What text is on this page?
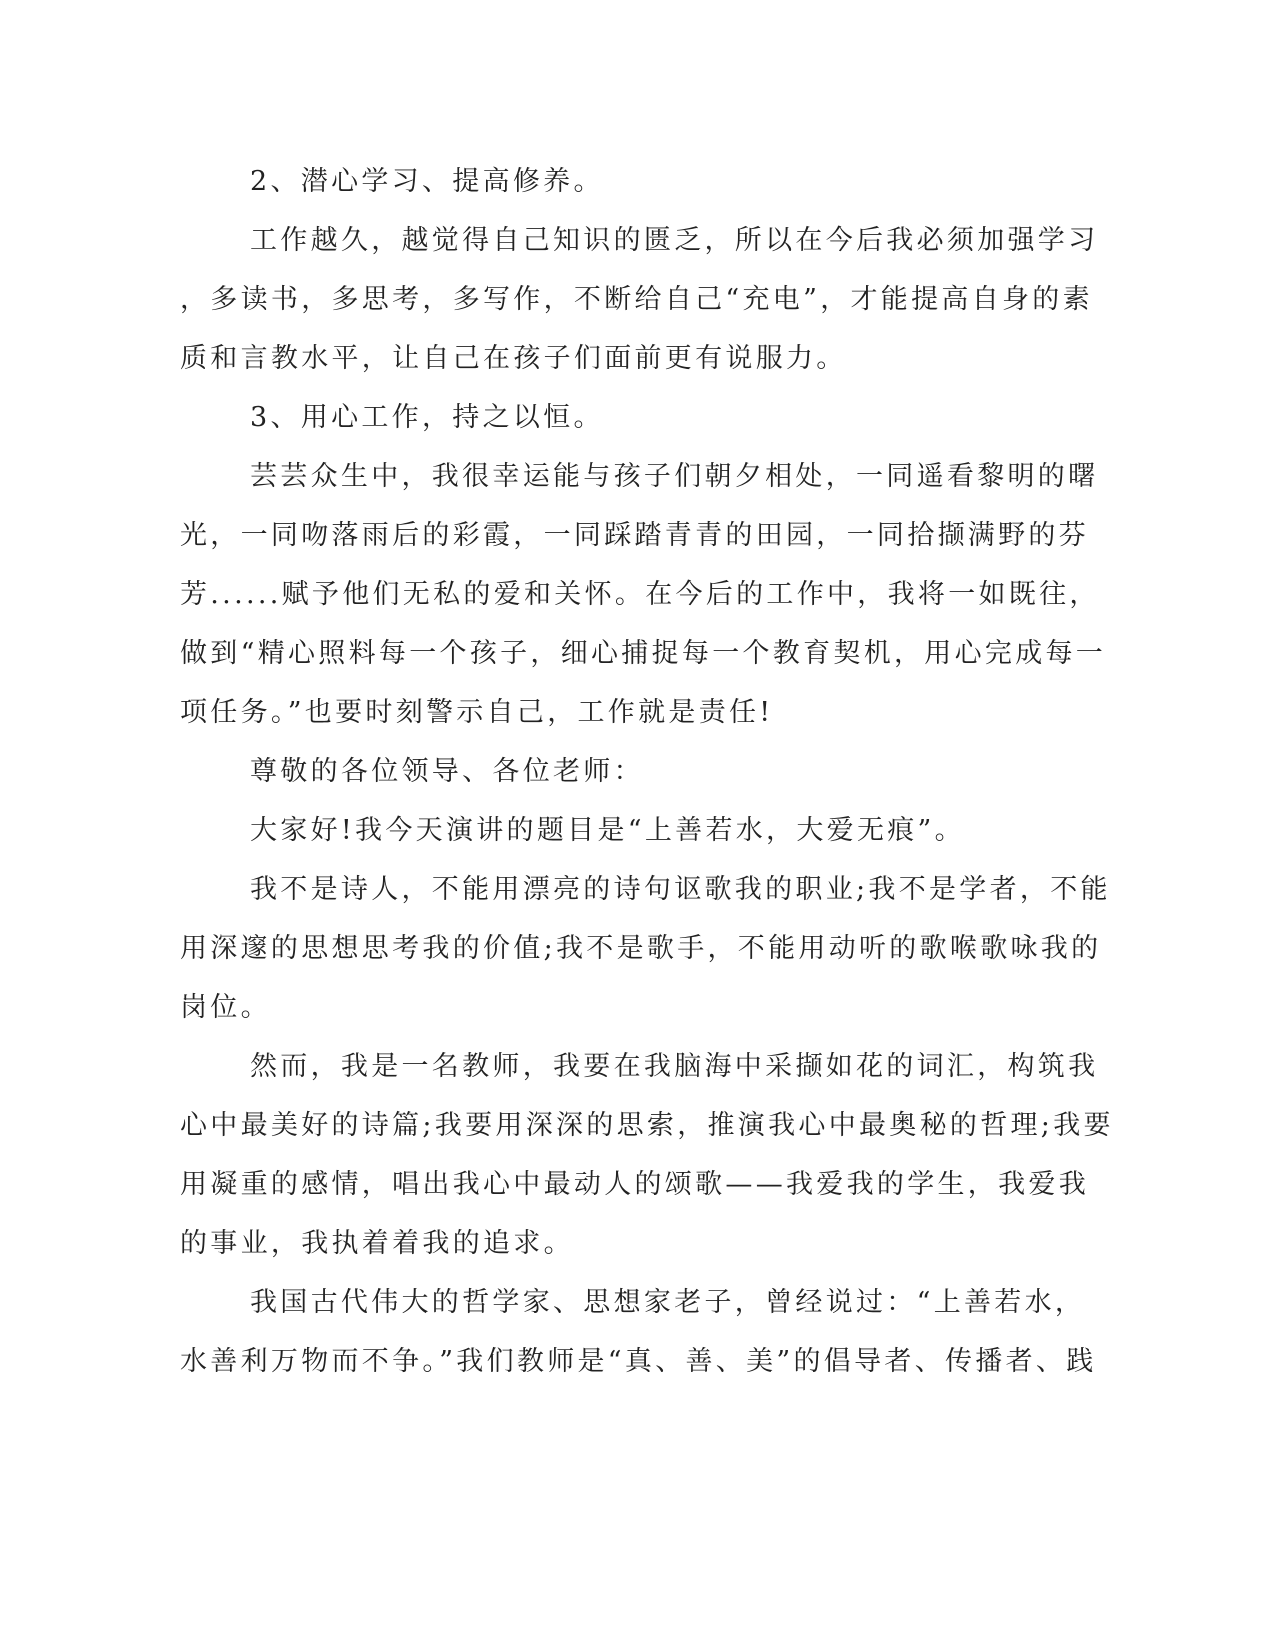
2、潜心学习、提高修养。
工作越久，越觉得自己知识的匮乏，所以在今后我必须加强学习
，多读书，多思考，多写作，不断给自己“充电”，才能提高自身的素
质和言教水平，让自己在孩子们面前更有说服力。
3、用心工作，持之以恒。
芸芸众生中，我很幸运能与孩子们朝夕相处，一同遥看黎明的曙
光，一同吻落雨后的彩霞，一同踩踏青青的田园，一同拾撷满野的芬
芳......赋予他们无私的爱和关怀。在今后的工作中，我将一如既往，
做到“精心照料每一个孩子，细心捕捉每一个教育契机，用心完成每一
项任务。”也要时刻警示自己，工作就是责任!
尊敬的各位领导、各位老师：
大家好!我今天演讲的题目是“上善若水，大爱无痕”。
我不是诗人，不能用漂亮的诗句讴歌我的职业;我不是学者，不能
用深邃的思想思考我的价值;我不是歌手，不能用动听的歌喉歌咏我的
岗位。
然而，我是一名教师，我要在我脑海中采撷如花的词汇，构筑我
心中最美好的诗篇;我要用深深的思索，推演我心中最奥秘的哲理;我要
用凝重的感情，唱出我心中最动人的颂歌——我爱我的学生，我爱我
的事业，我执着着我的追求。
我国古代伟大的哲学家、思想家老子，曾经说过：“上善若水，
水善利万物而不争。”我们教师是“真、善、美”的倡导者、传播者、践
